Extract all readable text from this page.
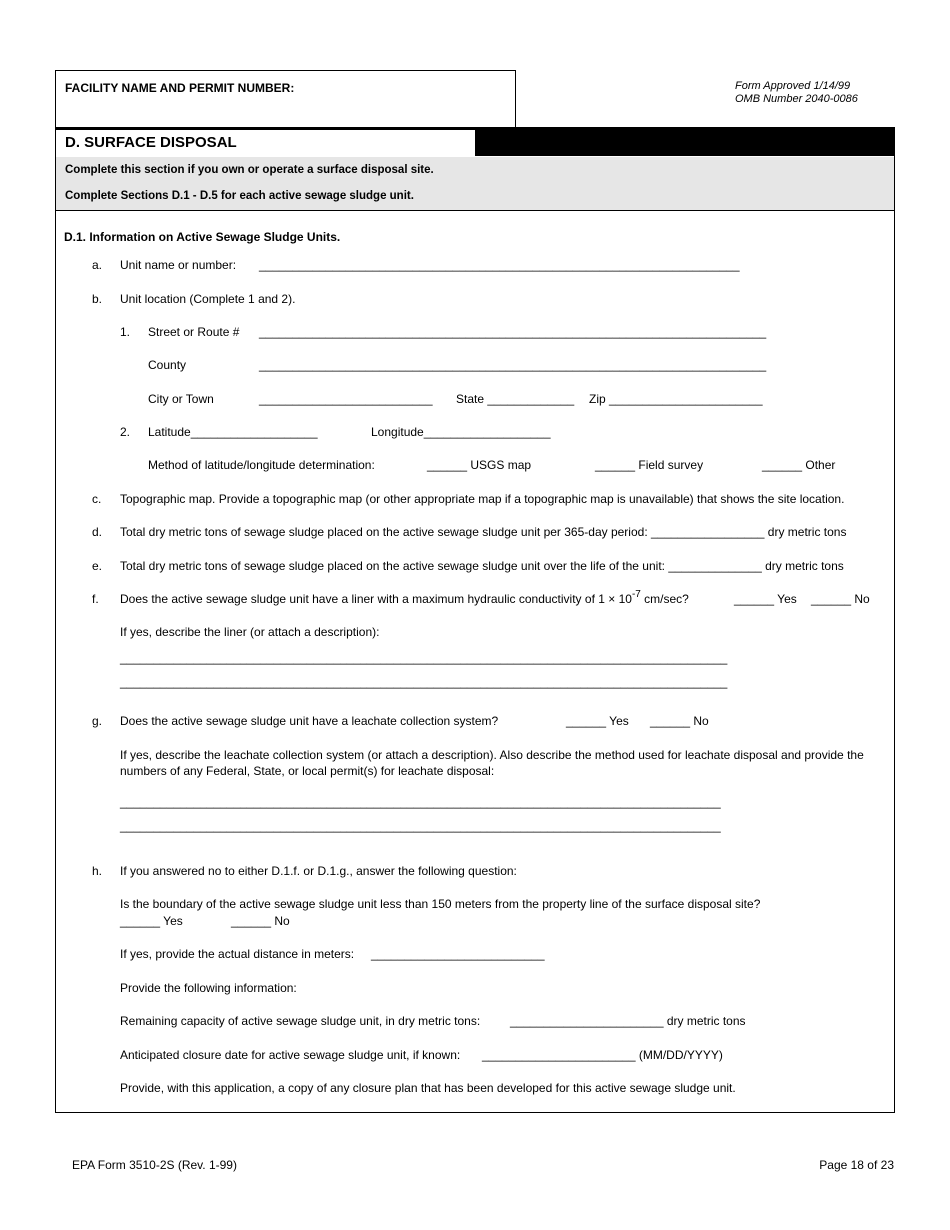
FACILITY NAME AND PERMIT NUMBER:	Form Approved 1/14/99
OMB Number 2040-0086
D. SURFACE DISPOSAL
Complete this section if you own or operate a surface disposal site.
Complete Sections D.1 - D.5 for each active sewage sludge unit.
D.1. Information on Active Sewage Sludge Units.
a. Unit name or number: ________________________________________________________________________
b. Unit location (Complete 1 and 2).
1. Street or Route # ____________________________________________________________________________
County	____________________________________________________________________________
City or Town	__________________________ State _____________ Zip _______________________
2. Latitude___________________	Longitude___________________
Method of latitude/longitude determination:	______ USGS map	______ Field survey	______ Other
c. Topographic map. Provide a topographic map (or other appropriate map if a topographic map is unavailable) that shows the site location.
d. Total dry metric tons of sewage sludge placed on the active sewage sludge unit per 365-day period: _________________ dry metric tons
e. Total dry metric tons of sewage sludge placed on the active sewage sludge unit over the life of the unit: ______________ dry metric tons
f. Does the active sewage sludge unit have a liner with a maximum hydraulic conductivity of $1 \times 10^{-7}$ cm/sec?	______ Yes ______ No
If yes, describe the liner (or attach a description):
___________________________________________________________________________________________
___________________________________________________________________________________________
g. Does the active sewage sludge unit have a leachate collection system?	______ Yes ______ No
If yes, describe the leachate collection system (or attach a description). Also describe the method used for leachate disposal and provide the numbers of any Federal, State, or local permit(s) for leachate disposal:
__________________________________________________________________________________________
__________________________________________________________________________________________
h. If you answered no to either D.1.f. or D.1.g., answer the following question:
Is the boundary of the active sewage sludge unit less than 150 meters from the property line of the surface disposal site?
______ Yes	______ No
If yes, provide the actual distance in meters: __________________________
Provide the following information:
Remaining capacity of active sewage sludge unit, in dry metric tons: _______________________ dry metric tons
Anticipated closure date for active sewage sludge unit, if known: _______________________ (MM/DD/YYYY)
Provide, with this application, a copy of any closure plan that has been developed for this active sewage sludge unit.
EPA Form 3510-2S (Rev. 1-99)	Page 18 of 23
